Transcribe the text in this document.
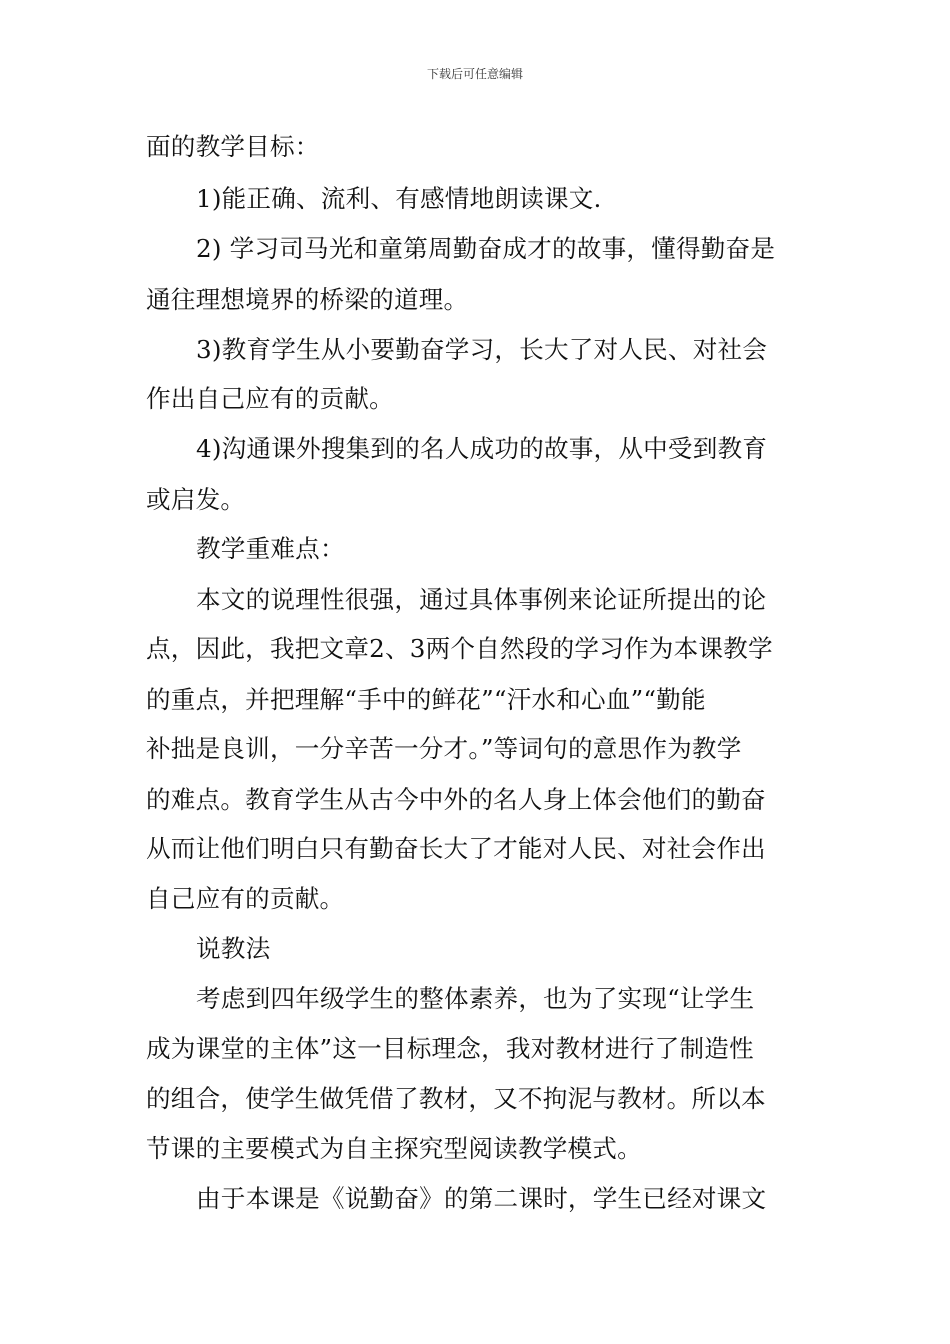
下载后可任意编辑
面的教学目标：
1)能正确、流利、有感情地朗读课文.
2) 学习司马光和童第周勤奋成才的故事，懂得勤奋是
通往理想境界的桥梁的道理。
3)教育学生从小要勤奋学习，长大了对人民、对社会
作出自己应有的贡献。
4)沟通课外搜集到的名人成功的故事，从中受到教育
或启发。
教学重难点：
本文的说理性很强，通过具体事例来论证所提出的论
点，因此，我把文章2、3两个自然段的学习作为本课教学
的重点，并把理解“手中的鲜花”“汗水和心血”“勤能
补拙是良训，一分辛苦一分才。”等词句的意思作为教学
的难点。教育学生从古今中外的名人身上体会他们的勤奋
从而让他们明白只有勤奋长大了才能对人民、对社会作出
自己应有的贡献。
说教法
考虑到四年级学生的整体素养，也为了实现“让学生
成为课堂的主体”这一目标理念，我对教材进行了制造性
的组合，使学生做凭借了教材，又不拘泥与教材。所以本
节课的主要模式为自主探究型阅读教学模式。
由于本课是《说勤奋》的第二课时，学生已经对课文
